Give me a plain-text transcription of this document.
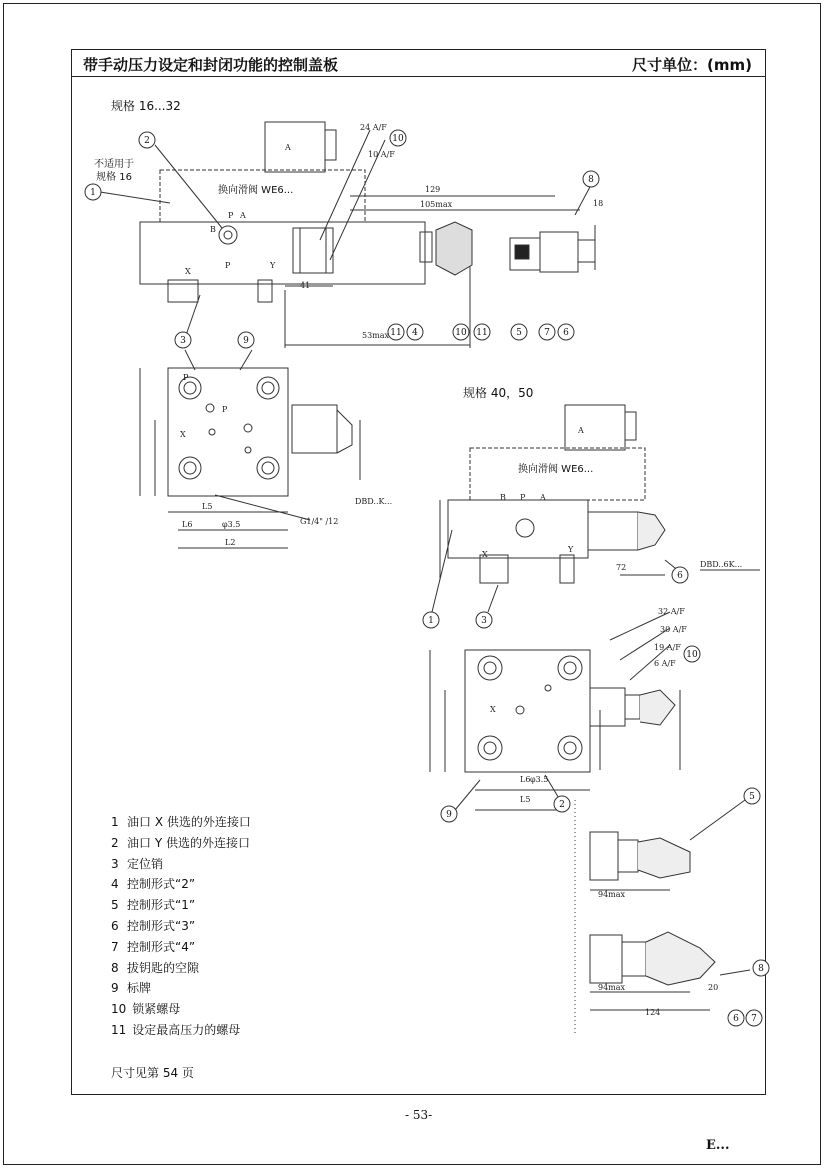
带手动压力设定和封闭功能的控制盖板	尺寸单位：(mm)
规格 16...32
规格 40，50
2
1
10
8
11 4	10 11	5 7 6
3	9
1	3
6
10
9
2
5
8
6 7
A
24 A/F
10 A/F
129
105max	18
P A
B
P	Y
X
41
53max
P
P
X
L5
L6	φ3.5
L2
G1/4" /12
DBD..K...
A
B P A
Y
X
72	DBD..6K...
32 A/F
30 A/F
19 A/F
6 A/F
X
L6 φ3.5
L5
94max
94max
124
20
换向滑阀 WE6...
换向滑阀 WE6...
不适用于
规格 16
1 油口 X 供选的外连接口
2 油口 Y 供选的外连接口
3 定位销
4 控制形式“2”
5 控制形式“1”
6 控制形式“3”
7 控制形式“4”
8 拔钥匙的空隙
9 标牌
10 锁紧螺母
11 设定最高压力的螺母
尺寸见第 54 页
- 53-
E...
